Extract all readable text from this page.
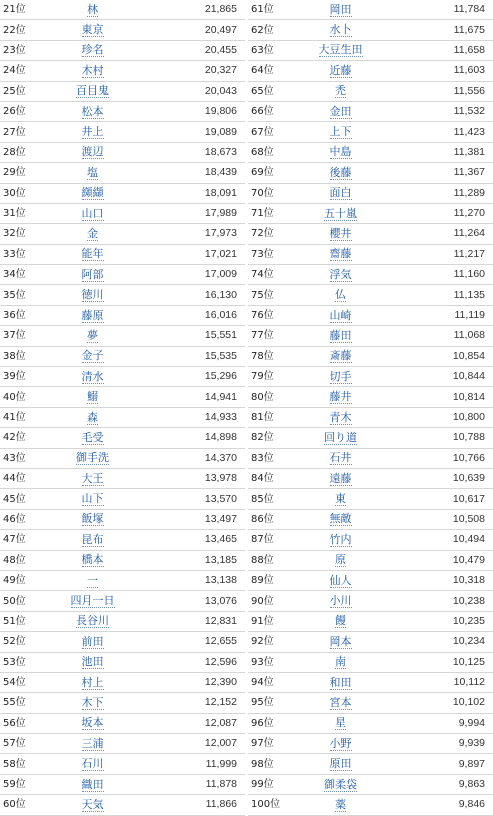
21位	林	21,865
22位	東京	20,497
23位	珍名	20,455
24位	木村	20,327
25位	百目鬼	20,043
26位	松本	19,806
27位	井上	19,089
28位	渡辺	18,673
29位	塩	18,439
30位	纐纈	18,091
31位	山口	17,989
32位	金	17,973
33位	能年	17,021
34位	阿部	17,009
35位	徳川	16,130
36位	藤原	16,016
37位	夢	15,551
38位	金子	15,535
39位	清水	15,296
40位	鰯	14,941
41位	森	14,933
42位	毛受	14,898
43位	御手洗	14,370
44位	大王	13,978
45位	山下	13,570
46位	飯塚	13,497
47位	昆布	13,465
48位	橋本	13,185
49位	一	13,138
50位	四月一日	13,076
51位	長谷川	12,831
52位	前田	12,655
53位	池田	12,596
54位	村上	12,390
55位	木下	12,152
56位	坂本	12,087
57位	三浦	12,007
58位	石川	11,999
59位	織田	11,878
60位	天気	11,866
61位	岡田	11,784
62位	水卜	11,675
63位	大豆生田	11,658
64位	近藤	11,603
65位	禿	11,556
66位	金田	11,532
67位	上下	11,423
68位	中島	11,381
69位	後藤	11,367
70位	面白	11,289
71位	五十嵐	11,270
72位	櫻井	11,264
73位	齋藤	11,217
74位	浮気	11,160
75位	仏	11,135
76位	山崎	11,119
77位	藤田	11,068
78位	斎藤	10,854
79位	切手	10,844
80位	藤井	10,814
81位	青木	10,800
82位	回り道	10,788
83位	石井	10,766
84位	遠藤	10,639
85位	東	10,617
86位	無敵	10,508
87位	竹内	10,494
88位	原	10,479
89位	仙人	10,318
90位	小川	10,238
91位	饅	10,235
92位	岡本	10,234
93位	南	10,125
94位	和田	10,112
95位	宮本	10,102
96位	星	9,994
97位	小野	9,939
98位	原田	9,897
99位	御柔袋	9,863
100位	薬	9,846
